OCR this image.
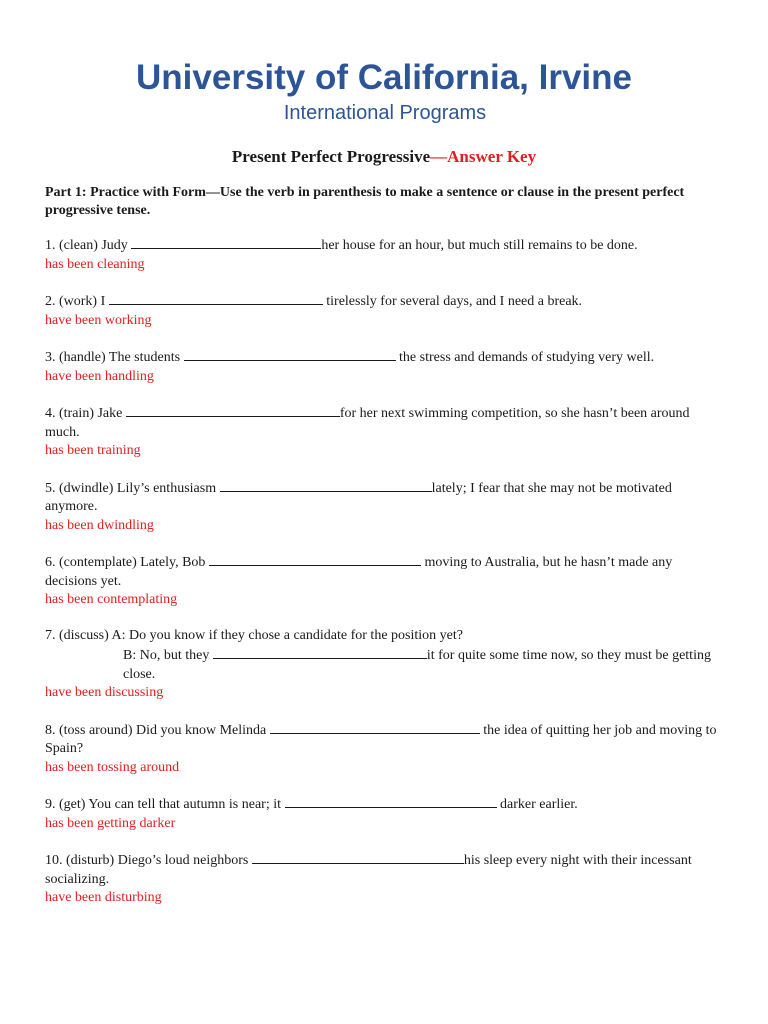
University of California, Irvine
International Programs
Present Perfect Progressive—Answer Key
Part 1: Practice with Form—Use the verb in parenthesis to make a sentence or clause in the present perfect progressive tense.

1. (clean) Judy	her house for an hour, but much still remains to be done.

has been cleaning

2. (work) I	tirelessly for several days, and I need a break.

have been working

3. (handle) The students	the stress and demands of studying very well.

have been handling

4. (train) Jake	for her next swimming competition, so she hasn’t been around much.

has been training

5. (dwindle) Lily’s enthusiasm	lately; I fear that she may not be motivated anymore.

has been dwindling

6. (contemplate) Lately, Bob	moving to Australia, but he hasn’t made any decisions yet.

has been contemplating

7. (discuss) A: Do you know if they chose a candidate for the position yet?

B: No, but they	it for quite some time now, so they must be getting close.

have been discussing

8. (toss around) Did you know Melinda	the idea of quitting her job and moving to Spain?

has been tossing around

9. (get) You can tell that autumn is near; it	darker earlier.

has been getting darker

10. (disturb) Diego’s loud neighbors	his sleep every night with their incessant socializing.

have been disturbing
